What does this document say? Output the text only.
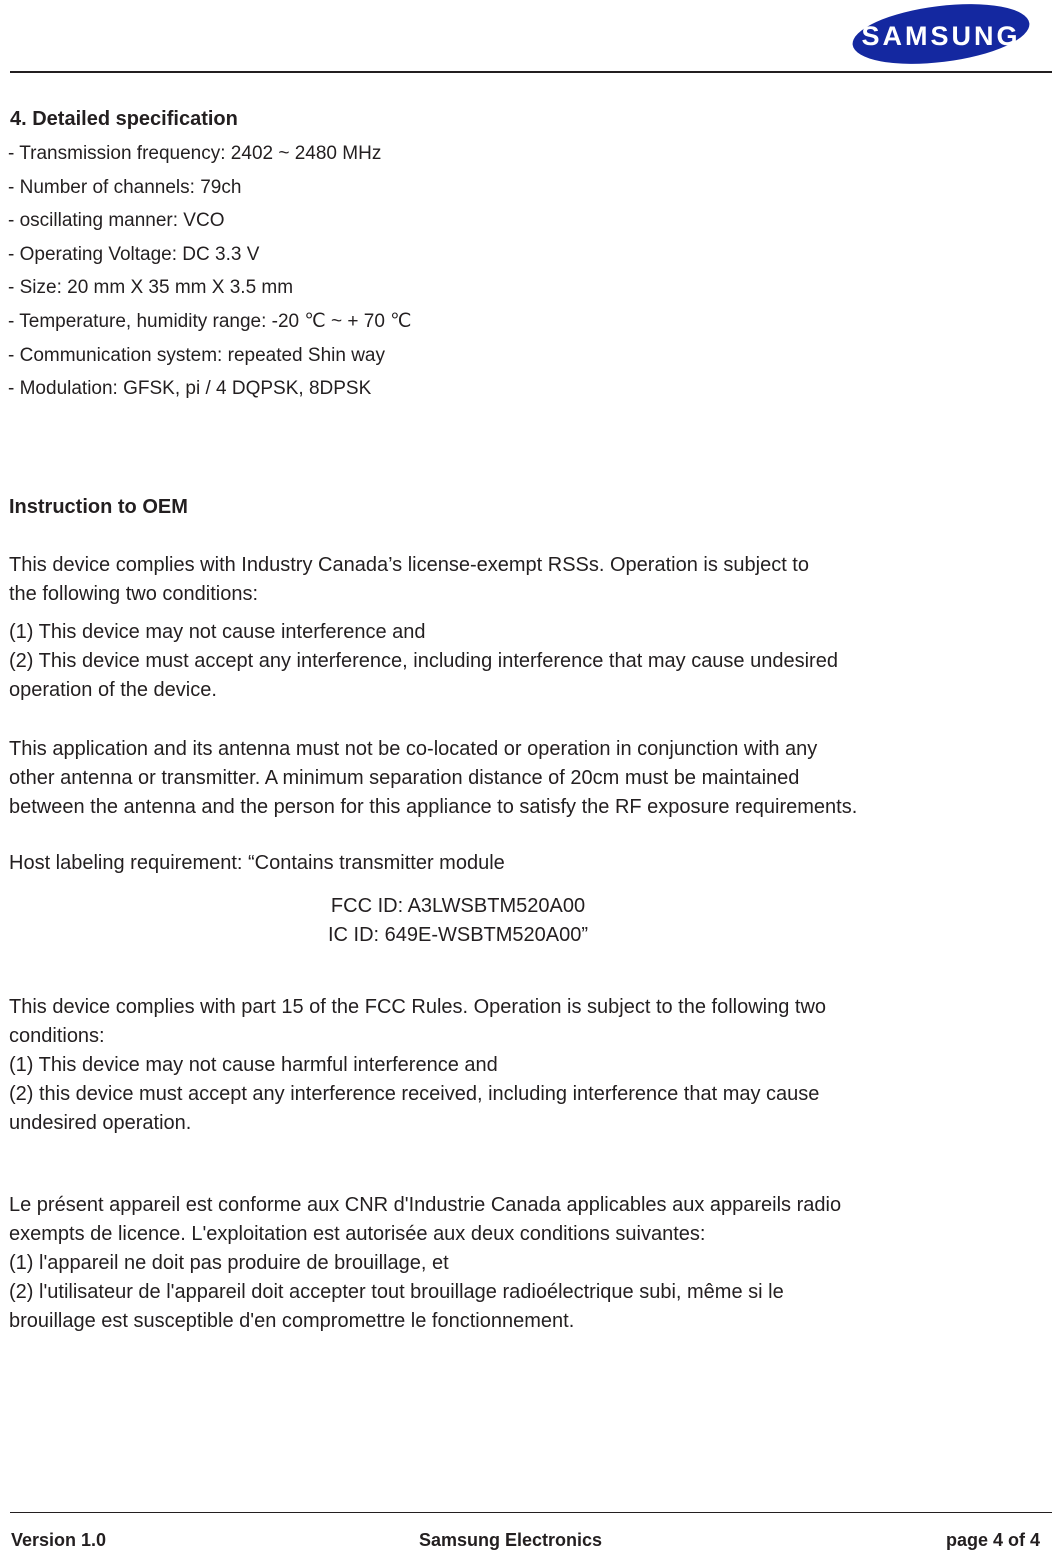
SAMSUNG
4. Detailed specification
- Transmission frequency: 2402 ~ 2480 MHz
- Number of channels: 79ch
- oscillating manner: VCO
- Operating Voltage: DC 3.3 V
- Size: 20 mm X 35 mm X 3.5 mm
- Temperature, humidity range: -20 ℃ ~ + 70 ℃
- Communication system: repeated Shin way
- Modulation: GFSK, pi / 4 DQPSK, 8DPSK
Instruction to OEM
This device complies with Industry Canada’s license-exempt RSSs. Operation is subject to
the following two conditions:
(1) This device may not cause interference and
(2) This device must accept any interference, including interference that may cause undesired
operation of the device.
This application and its antenna must not be co-located or operation in conjunction with any
other antenna or transmitter. A minimum separation distance of 20cm must be maintained
between the antenna and the person for this appliance to satisfy the RF exposure requirements.
Host labeling requirement: “Contains transmitter module
FCC ID: A3LWSBTM520A00
IC ID: 649E-WSBTM520A00”
This device complies with part 15 of the FCC Rules. Operation is subject to the following two
conditions:
(1) This device may not cause harmful interference and
(2) this device must accept any interference received, including interference that may cause
undesired operation.
Le présent appareil est conforme aux CNR d'Industrie Canada applicables aux appareils radio
exempts de licence. L'exploitation est autorisée aux deux conditions suivantes:
(1) l'appareil ne doit pas produire de brouillage, et
(2) l'utilisateur de l'appareil doit accepter tout brouillage radioélectrique subi, même si le
brouillage est susceptible d'en compromettre le fonctionnement.
Version 1.0	Samsung Electronics	page 4 of 4
